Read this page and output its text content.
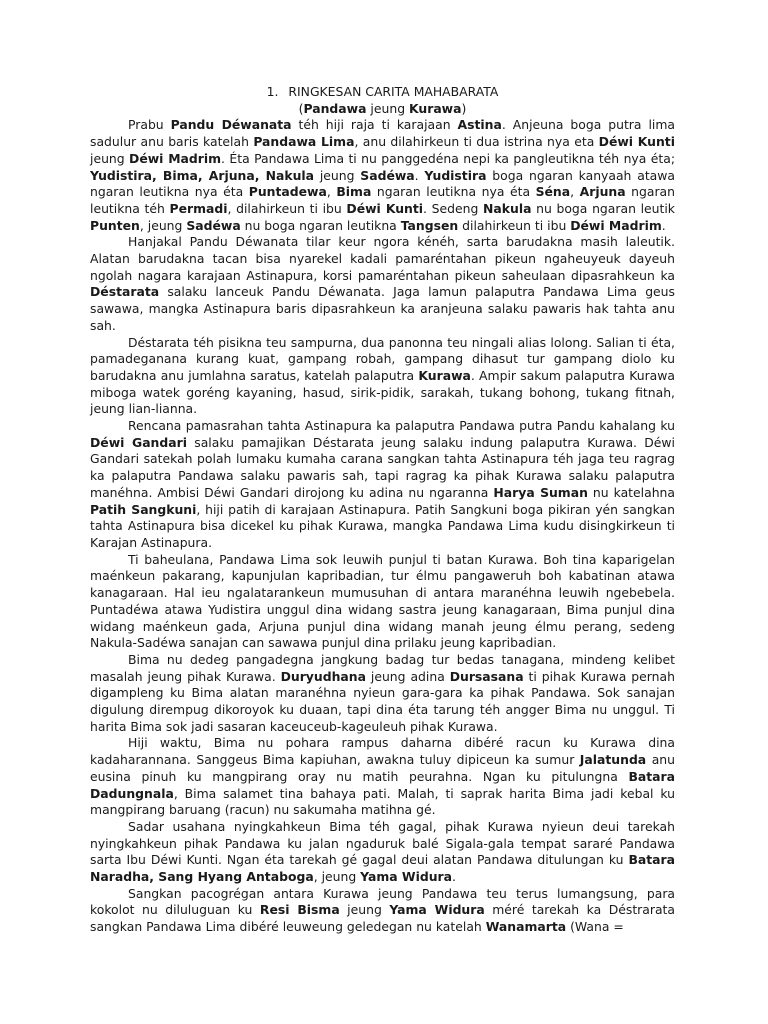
1. RINGKESAN CARITA MAHABARATA

(Pandawa jeung Kurawa)

Prabu Pandu Déwanata téh hiji raja ti karajaan Astina. Anjeuna boga putra lima sadulur anu baris katelah Pandawa Lima, anu dilahirkeun ti dua istrina nya eta Déwi Kunti jeung Déwi Madrim. Éta Pandawa Lima ti nu panggedéna nepi ka pangleutikna téh nya éta; Yudistira, Bima, Arjuna, Nakula jeung Sadéwa. Yudistira boga ngaran kanyaah atawa ngaran leutikna nya éta Puntadewa, Bima ngaran leutikna nya éta Séna, Arjuna ngaran leutikna téh Permadi, dilahirkeun ti ibu Déwi Kunti. Sedeng Nakula nu boga ngaran leutik Punten, jeung Sadéwa nu boga ngaran leutikna Tangsen dilahirkeun ti ibu Déwi Madrim.

Hanjakal Pandu Déwanata tilar keur ngora kénéh, sarta barudakna masih laleutik. Alatan barudakna tacan bisa nyarekel kadali pamaréntahan pikeun ngaheuyeuk dayeuh ngolah nagara karajaan Astinapura, korsi pamaréntahan pikeun saheulaan dipasrahkeun ka Déstarata salaku lanceuk Pandu Déwanata. Jaga lamun palaputra Pandawa Lima geus sawawa, mangka Astinapura baris dipasrahkeun ka aranjeuna salaku pawaris hak tahta anu sah.

Déstarata téh pisikna teu sampurna, dua panonna teu ningali alias lolong. Salian ti éta, pamadeganana kurang kuat, gampang robah, gampang dihasut tur gampang diolo ku barudakna anu jumlahna saratus, katelah palaputra Kurawa. Ampir sakum palaputra Kurawa miboga watek goréng kayaning, hasud, sirik-pidik, sarakah, tukang bohong, tukang fitnah, jeung lian-lianna.

Rencana pamasrahan tahta Astinapura ka palaputra Pandawa putra Pandu kahalang ku Déwi Gandari salaku pamajikan Déstarata jeung salaku indung palaputra Kurawa. Déwi Gandari satekah polah lumaku kumaha carana sangkan tahta Astinapura téh jaga teu ragrag ka palaputra Pandawa salaku pawaris sah, tapi ragrag ka pihak Kurawa salaku palaputra manéhna. Ambisi Déwi Gandari dirojong ku adina nu ngaranna Harya Suman nu katelahna Patih Sangkuni, hiji patih di karajaan Astinapura. Patih Sangkuni boga pikiran yén sangkan tahta Astinapura bisa dicekel ku pihak Kurawa, mangka Pandawa Lima kudu disingkirkeun ti Karajan Astinapura.

Ti baheulana, Pandawa Lima sok leuwih punjul ti batan Kurawa. Boh tina kaparigelan maénkeun pakarang, kapunjulan kapribadian, tur élmu pangaweruh boh kabatinan atawa kanagaraan. Hal ieu ngalatarankeun mumusuhan di antara maranéhna leuwih ngebebela. Puntadéwa atawa Yudistira unggul dina widang sastra jeung kanagaraan, Bima punjul dina widang maénkeun gada, Arjuna punjul dina widang manah jeung élmu perang, sedeng Nakula-Sadéwa sanajan can sawawa punjul dina prilaku jeung kapribadian.

Bima nu dedeg pangadegna jangkung badag tur bedas tanagana, mindeng kelibet masalah jeung pihak Kurawa. Duryudhana jeung adina Dursasana ti pihak Kurawa pernah digampleng ku Bima alatan maranéhna nyieun gara-gara ka pihak Pandawa. Sok sanajan digulung dirempug dikoroyok ku duaan, tapi dina éta tarung téh angger Bima nu unggul. Ti harita Bima sok jadi sasaran kaceuceub-kageuleuh pihak Kurawa.

Hiji waktu, Bima nu pohara rampus daharna dibéré racun ku Kurawa dina kadaharannana. Sanggeus Bima kapiuhan, awakna tuluy dipiceun ka sumur Jalatunda anu eusina pinuh ku mangpirang oray nu matih peurahna. Ngan ku pitulungna Batara Dadungnala, Bima salamet tina bahaya pati. Malah, ti saprak harita Bima jadi kebal ku mangpirang baruang (racun) nu sakumaha matihna gé.

Sadar usahana nyingkahkeun Bima téh gagal, pihak Kurawa nyieun deui tarekah nyingkahkeun pihak Pandawa ku jalan ngaduruk balé Sigala-gala tempat sararé Pandawa sarta Ibu Déwi Kunti. Ngan éta tarekah gé gagal deui alatan Pandawa ditulungan ku Batara Naradha, Sang Hyang Antaboga, jeung Yama Widura.

Sangkan pacogrégan antara Kurawa jeung Pandawa teu terus lumangsung, para kokolot nu diluluguan ku Resi Bisma jeung Yama Widura méré tarekah ka Déstrarata sangkan Pandawa Lima dibéré leuweung geledegan nu katelah Wanamarta (Wana =
